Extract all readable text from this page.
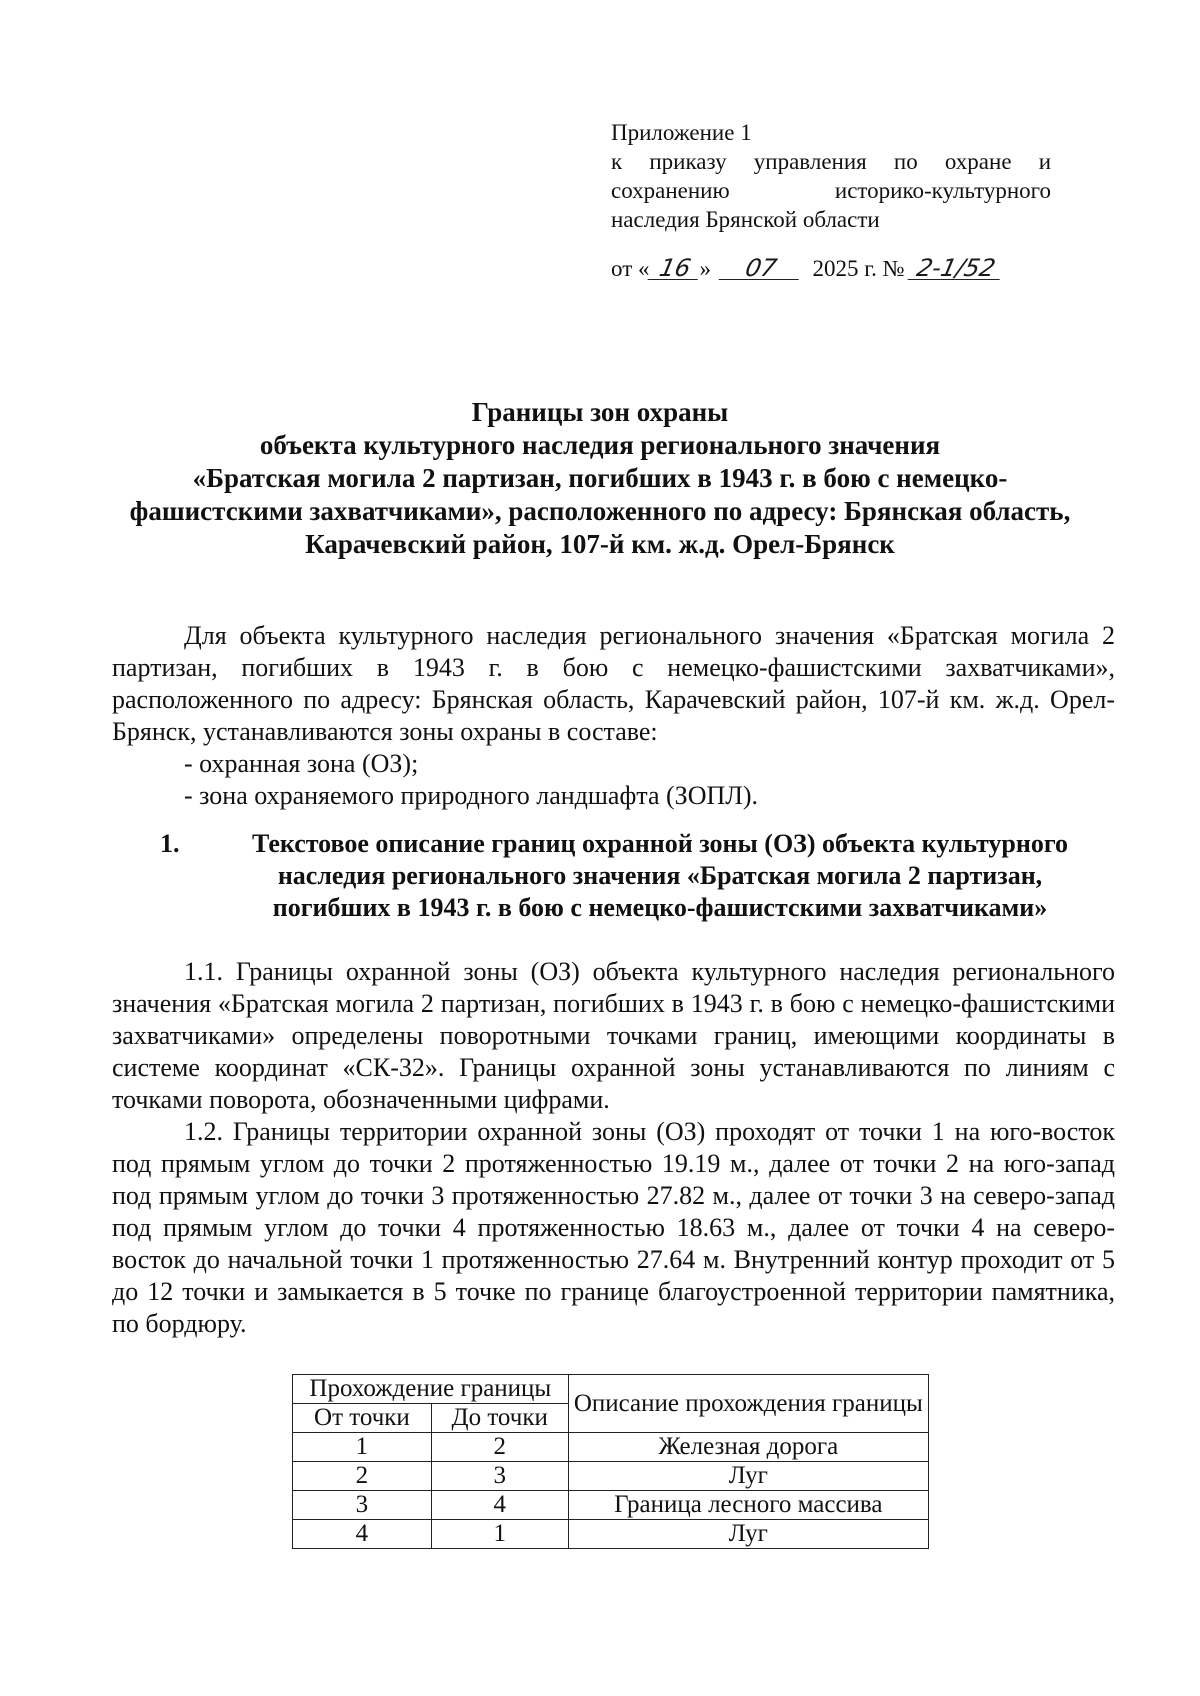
Приложение 1
к приказу управления по охране и
сохранению историко-культурного
наследия Брянской области
от « 16 » 07 2025 г. № 2-1/52
Границы зон охраны
объекта культурного наследия регионального значения
«Братская могила 2 партизан, погибших в 1943 г. в бою с немецко-
фашистскими захватчиками», расположенного по адресу: Брянская область,
Карачевский район, 107-й км. ж.д. Орел-Брянск

Для объекта культурного наследия регионального значения «Братская могила 2 партизан, погибших в 1943 г. в бою с немецко-фашистскими захватчиками», расположенного по адресу: Брянская область, Карачевский район, 107-й км. ж.д. Орел- Брянск, устанавливаются зоны охраны в составе:

- охранная зона (ОЗ);

- зона охраняемого природного ландшафта (ЗОПЛ).

1.	Текстовое описание границ охранной зоны (ОЗ) объекта культурного
наследия регионального значения «Братская могила 2 партизан,
погибших в 1943 г. в бою с немецко-фашистскими захватчиками»

1.1. Границы охранной зоны (ОЗ) объекта культурного наследия регионального значения «Братская могила 2 партизан, погибших в 1943 г. в бою с немецко-фашистскими захватчиками» определены поворотными точками границ, имеющими координаты в системе координат «СК-32». Границы охранной зоны устанавливаются по линиям с точками поворота, обозначенными цифрами.

1.2. Границы территории охранной зоны (ОЗ) проходят от точки 1 на юго-восток под прямым углом до точки 2 протяженностью 19.19 м., далее от точки 2 на юго-запад под прямым углом до точки 3 протяженностью 27.82 м., далее от точки 3 на северо-запад под прямым углом до точки 4 протяженностью 18.63 м., далее от точки 4 на северо-восток до начальной точки 1 протяженностью 27.64 м. Внутренний контур проходит от 5 до 12 точки и замыкается в 5 точке по границе благоустроенной территории памятника, по бордюру.

Прохождение границы		Описание прохождения границы
От точки	До точки	
1	2	Железная дорога
2	3	Луг
3	4	Граница лесного массива
4	1	Луг
